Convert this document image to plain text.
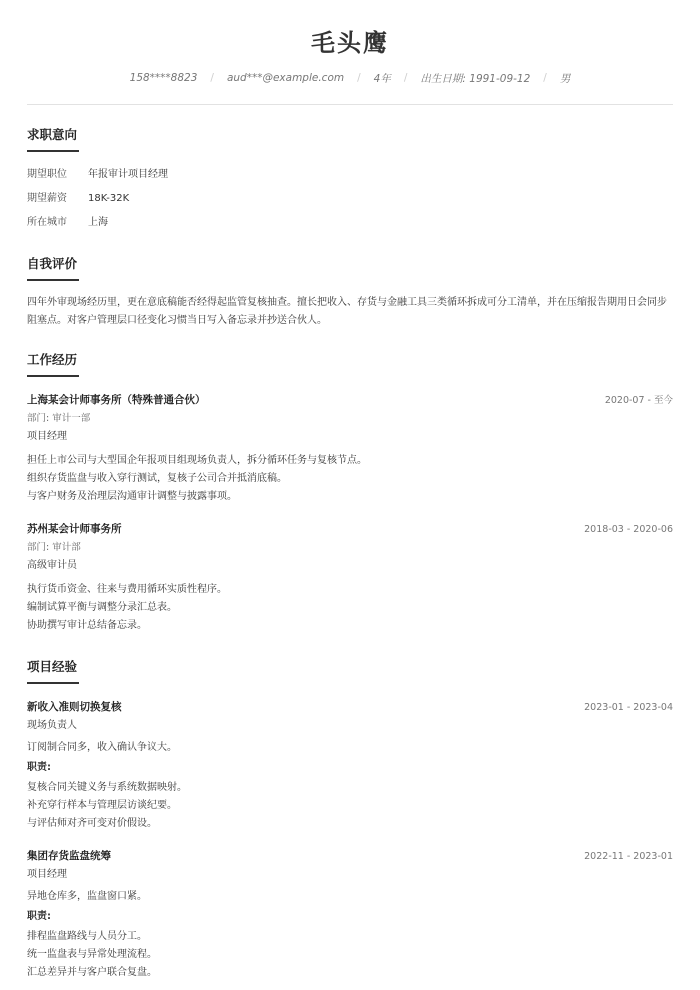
毛头鹰
158****8823 / aud***@example.com / 4年 / 出生日期: 1991-09-12 / 男
求职意向
期望职位	年报审计项目经理
期望薪资	18K-32K
所在城市	上海
自我评价
四年外审现场经历里，更在意底稿能否经得起监管复核抽查。擅长把收入、存货与金融工具三类循环拆成可分工清单，并在压缩报告期用日会同步阻塞点。对客户管理层口径变化习惯当日写入备忘录并抄送合伙人。
工作经历
上海某会计师事务所（特殊普通合伙）	2020-07 - 至今
部门: 审计一部
项目经理
担任上市公司与大型国企年报项目组现场负责人，拆分循环任务与复核节点。
组织存货监盘与收入穿行测试，复核子公司合并抵消底稿。
与客户财务及治理层沟通审计调整与披露事项。
苏州某会计师事务所	2018-03 - 2020-06
部门: 审计部
高级审计员
执行货币资金、往来与费用循环实质性程序。
编制试算平衡与调整分录汇总表。
协助撰写审计总结备忘录。
项目经验
新收入准则切换复核	2023-01 - 2023-04
现场负责人
订阅制合同多，收入确认争议大。
职责:
复核合同关键义务与系统数据映射。
补充穿行样本与管理层访谈纪要。
与评估师对齐可变对价假设。
集团存货监盘统筹	2022-11 - 2023-01
项目经理
异地仓库多，监盘窗口紧。
职责:
排程监盘路线与人员分工。
统一监盘表与异常处理流程。
汇总差异并与客户联合复盘。
